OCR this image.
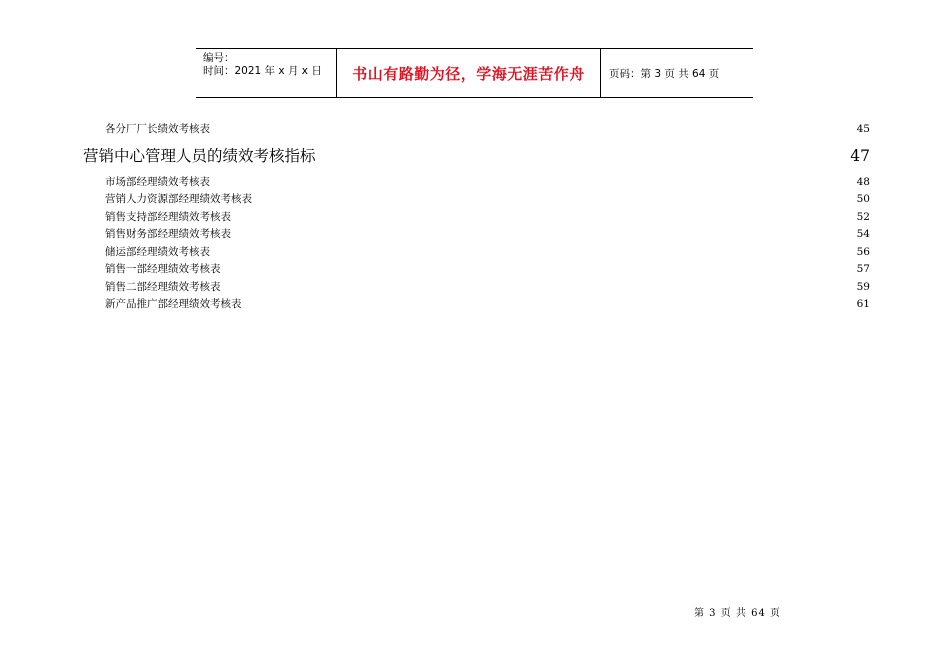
编号：
时间：2021 年 x 月 x 日	书山有路勤为径，学海无涯苦作舟 页码：第 3 页 共 64 页
各分厂厂长绩效考核表	45
营销中心管理人员的绩效考核指标	47
市场部经理绩效考核表	48
营销人力资源部经理绩效考核表	50
销售支持部经理绩效考核表	52
销售财务部经理绩效考核表	54
储运部经理绩效考核表	56
销售一部经理绩效考核表	57
销售二部经理绩效考核表	59
新产品推广部经理绩效考核表	61
第 3 页 共 64 页
